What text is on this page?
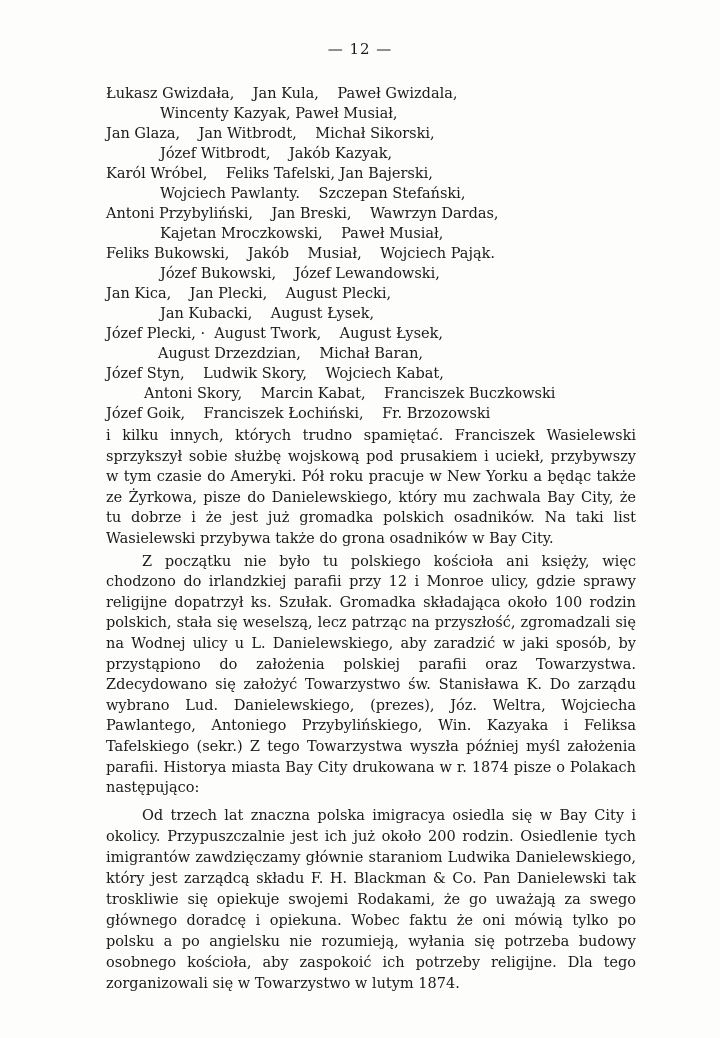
— 12 —
Łukasz Gwizdała,    Jan Kula,    Paweł Gwizdala,
Wincenty Kazyak, Paweł Musiał,
Jan Glaza,    Jan Witbrodt,    Michał Sikorski,
Józef Witbrodt,    Jakób Kazyak,
Karól Wróbel,    Feliks Tafelski, Jan Bajerski,
Wojciech Pawlanty.    Szczepan Stefański,
Antoni Przybyliński,    Jan Breski,    Wawrzyn Dardas,
Kajetan Mroczkowski,    Paweł Musiał,
Feliks Bukowski,    Jakób    Musiał,    Wojciech Pająk.
Józef Bukowski,    Józef Lewandowski,
Jan Kica,    Jan Plecki,    August Plecki,
Jan Kubacki,    August Łysek,
Józef Plecki, ·  August Twork,    August Łysek,
August Drzezdzian,    Michał Baran,
Józef Styn,    Ludwik Skory,    Wojciech Kabat,
Antoni Skory,    Marcin Kabat,    Franciszek Buczkowski
Józef Goik,    Franciszek Łochiński,    Fr. Brzozowski

i kilku innych, których trudno spamiętać. Franciszek Wasielewski sprzykszył sobie służbę wojskową pod prusakiem i uciekł, przybywszy w tym czasie do Ameryki. Pół roku pracuje w New Yorku a będąc także ze Żyrkowa, pisze do Danielewskiego, który mu zachwala Bay City, że tu dobrze i że jest już gromadka polskich osadników. Na taki list Wasielewski przybywa także do grona osadników w Bay City.

Z początku nie było tu polskiego kościoła ani księży, więc chodzono do irlandzkiej parafii przy 12 i Monroe ulicy, gdzie sprawy religijne dopatrzył ks. Szułak. Gromadka składająca około 100 rodzin polskich, stała się weselszą, lecz patrząc na przyszłość, zgromadzali się na Wodnej ulicy u L. Danielewskiego, aby zaradzić w jaki sposób, by przystąpiono do założenia polskiej parafii oraz Towarzystwa. Zdecydowano się założyć Towarzystwo św. Stanisława K. Do zarządu wybrano Lud. Danielewskiego, (prezes), Józ. Weltra, Wojciecha Pawlantego, Antoniego Przybylińskiego, Win. Kazyaka i Feliksa Tafelskiego (sekr.) Z tego Towarzystwa wyszła później myśl założenia parafii. Historya miasta Bay City drukowana w r. 1874 pisze o Polakach następująco:

Od trzech lat znaczna polska imigracya osiedla się w Bay City i okolicy. Przypuszczalnie jest ich już około 200 rodzin. Osiedlenie tych imigrantów zawdzięczamy głównie staraniom Ludwika Danielewskiego, który jest zarządcą składu F. H. Blackman & Co. Pan Danielewski tak troskliwie się opiekuje swojemi Rodakami, że go uważają za swego głównego doradcę i opiekuna. Wobec faktu że oni mówią tylko po polsku a po angielsku nie rozumieją, wyłania się potrzeba budowy osobnego kościoła, aby zaspokoić ich potrzeby religijne. Dla tego zorganizowali się w Towarzystwo w lutym 1874.
